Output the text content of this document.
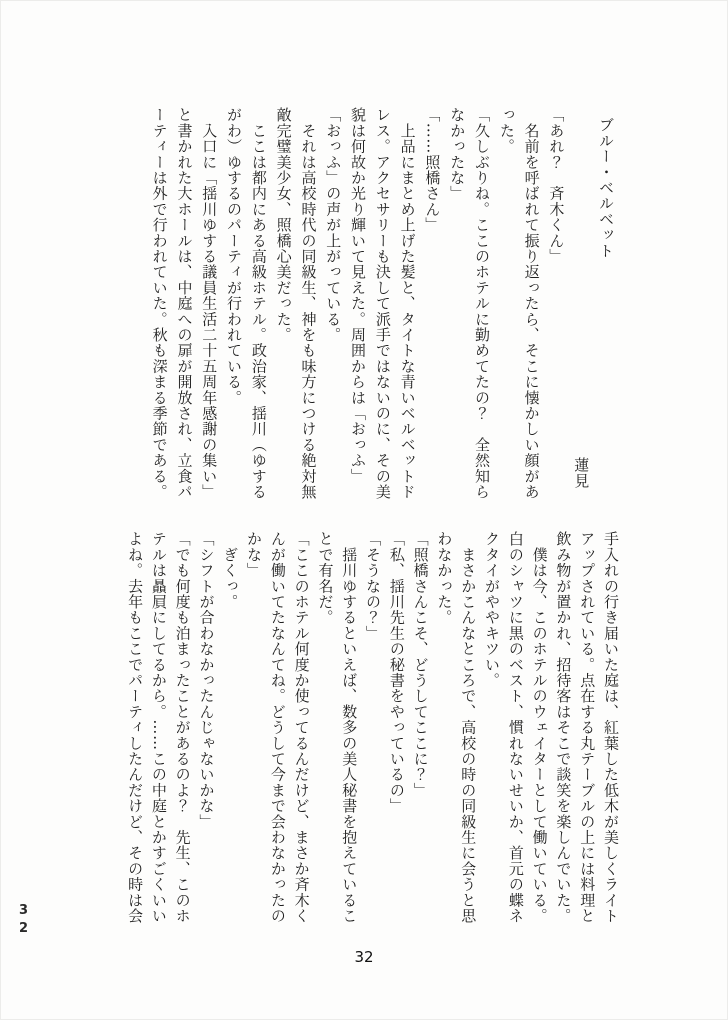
ブルー・ベルベット

蓮見

「あれ？　斉木くん」

　名前を呼ばれて振り返ったら、そこに懐かしい顔があった。

「久しぶりね。ここのホテルに勤めてたの？　全然知らなかったな」

「……照橋さん」

　上品にまとめ上げた髪と、タイトな青いベルベットドレス。アクセサリーも決して派手ではないのに、その美貌は何故か光り輝いて見えた。周囲からは「おっふ」「おっふ」の声が上がっている。

　それは高校時代の同級生、神をも味方につける絶対無敵完璧美少女、照橋心美だった。

　ここは都内にある高級ホテル。政治家、揺川（ゆするがわ）ゆするのパーティが行われている。

　入口に「揺川ゆする議員生活二十五周年感謝の集い」と書かれた大ホールは、中庭への扉が開放され、立食パーティーは外で行われていた。秋も深まる季節である。

手入れの行き届いた庭は、紅葉した低木が美しくライトアップされている。点在する丸テーブルの上には料理と飲み物が置かれ、招待客はそこで談笑を楽しんでいた。

　僕は今、このホテルのウェイターとして働いている。白のシャツに黒のベスト、慣れないせいか、首元の蝶ネクタイがややキツい。

　まさかこんなところで、高校の時の同級生に会うと思わなかった。

「照橋さんこそ、どうしてここに？」

「私、揺川先生の秘書をやっているの」

「そうなの？」

　揺川ゆするといえば、数多の美人秘書を抱えていることで有名だ。

「ここのホテル何度か使ってるんだけど、まさか斉木くんが働いてたなんてね。どうして今まで会わなかったのかな」

　ぎくっ。

「シフトが合わなかったんじゃないかな」

「でも何度も泊まったことがあるのよ？　先生、このホテルは贔屓にしてるから。……この中庭とかすごくいいよね。去年もここでパーティしたんだけど、その時は会

32
32
